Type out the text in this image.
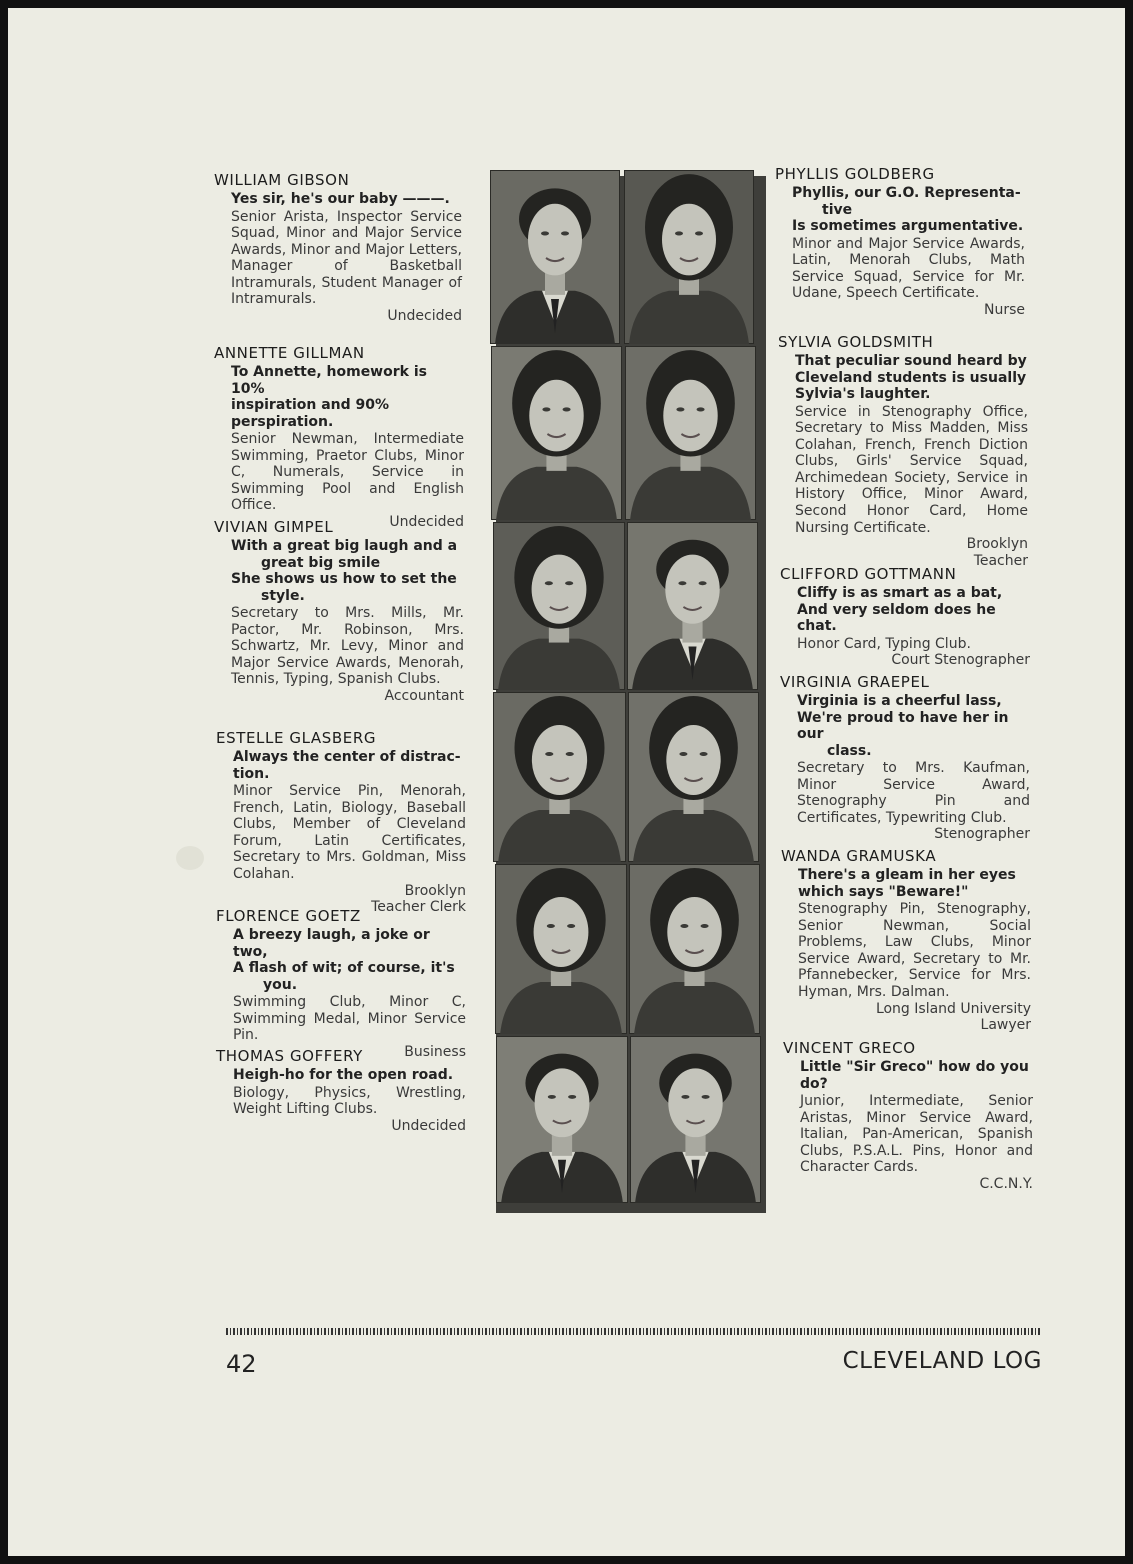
WILLIAM GIBSON
Yes sir, he's our baby ———.
Senior Arista, Inspector Service Squad, Minor and Major Service Awards, Minor and Major Letters, Manager of Basketball Intramurals, Student Manager of Intramurals.
Undecided
ANNETTE GILLMAN
To Annette, homework is 10%
inspiration and 90% perspiration.
Senior Newman, Intermediate Swimming, Praetor Clubs, Minor C, Numerals, Service in Swimming Pool and English Office.
Undecided
VIVIAN GIMPEL
With a great big laugh and a
great big smile
She shows us how to set the
style.
Secretary to Mrs. Mills, Mr. Pactor, Mr. Robinson, Mrs. Schwartz, Mr. Levy, Minor and Major Service Awards, Menorah, Tennis, Typing, Spanish Clubs.
Accountant
ESTELLE GLASBERG
Always the center of distrac-
tion.
Minor Service Pin, Menorah, French, Latin, Biology, Baseball Clubs, Member of Cleveland Forum, Latin Certificates, Secretary to Mrs. Goldman, Miss Colahan.
Brooklyn
Teacher Clerk
FLORENCE GOETZ
A breezy laugh, a joke or two,
A flash of wit; of course, it's
you.
Swimming Club, Minor C, Swimming Medal, Minor Service Pin.
Business
THOMAS GOFFERY
Heigh-ho for the open road.
Biology, Physics, Wrestling, Weight Lifting Clubs.
Undecided
PHYLLIS GOLDBERG
Phyllis, our G.O. Representa-
tive
Is sometimes argumentative.
Minor and Major Service Awards, Latin, Menorah Clubs, Math Service Squad, Service for Mr. Udane, Speech Certificate.
Nurse
SYLVIA GOLDSMITH
That peculiar sound heard by
Cleveland students is usually
Sylvia's laughter.
Service in Stenography Office, Secretary to Miss Madden, Miss Colahan, French, French Diction Clubs, Girls' Service Squad, Archimedean Society, Service in History Office, Minor Award, Second Honor Card, Home Nursing Certificate.
Brooklyn
Teacher
CLIFFORD GOTTMANN
Cliffy is as smart as a bat,
And very seldom does he chat.
Honor Card, Typing Club.
Court Stenographer
VIRGINIA GRAEPEL
Virginia is a cheerful lass,
We're proud to have her in our
class.
Secretary to Mrs. Kaufman, Minor Service Award, Stenography Pin and Certificates, Typewriting Club.
Stenographer
WANDA GRAMUSKA
There's a gleam in her eyes
which says "Beware!"
Stenography Pin, Stenography, Senior Newman, Social Problems, Law Clubs, Minor Service Award, Secretary to Mr. Pfannebecker, Service for Mrs. Hyman, Mrs. Dalman.
Long Island University
Lawyer
VINCENT GRECO
Little "Sir Greco" how do you
do?
Junior, Intermediate, Senior Aristas, Minor Service Award, Italian, Pan-American, Spanish Clubs, P.S.A.L. Pins, Honor and Character Cards.
C.C.N.Y.
42	CLEVELAND LOG
